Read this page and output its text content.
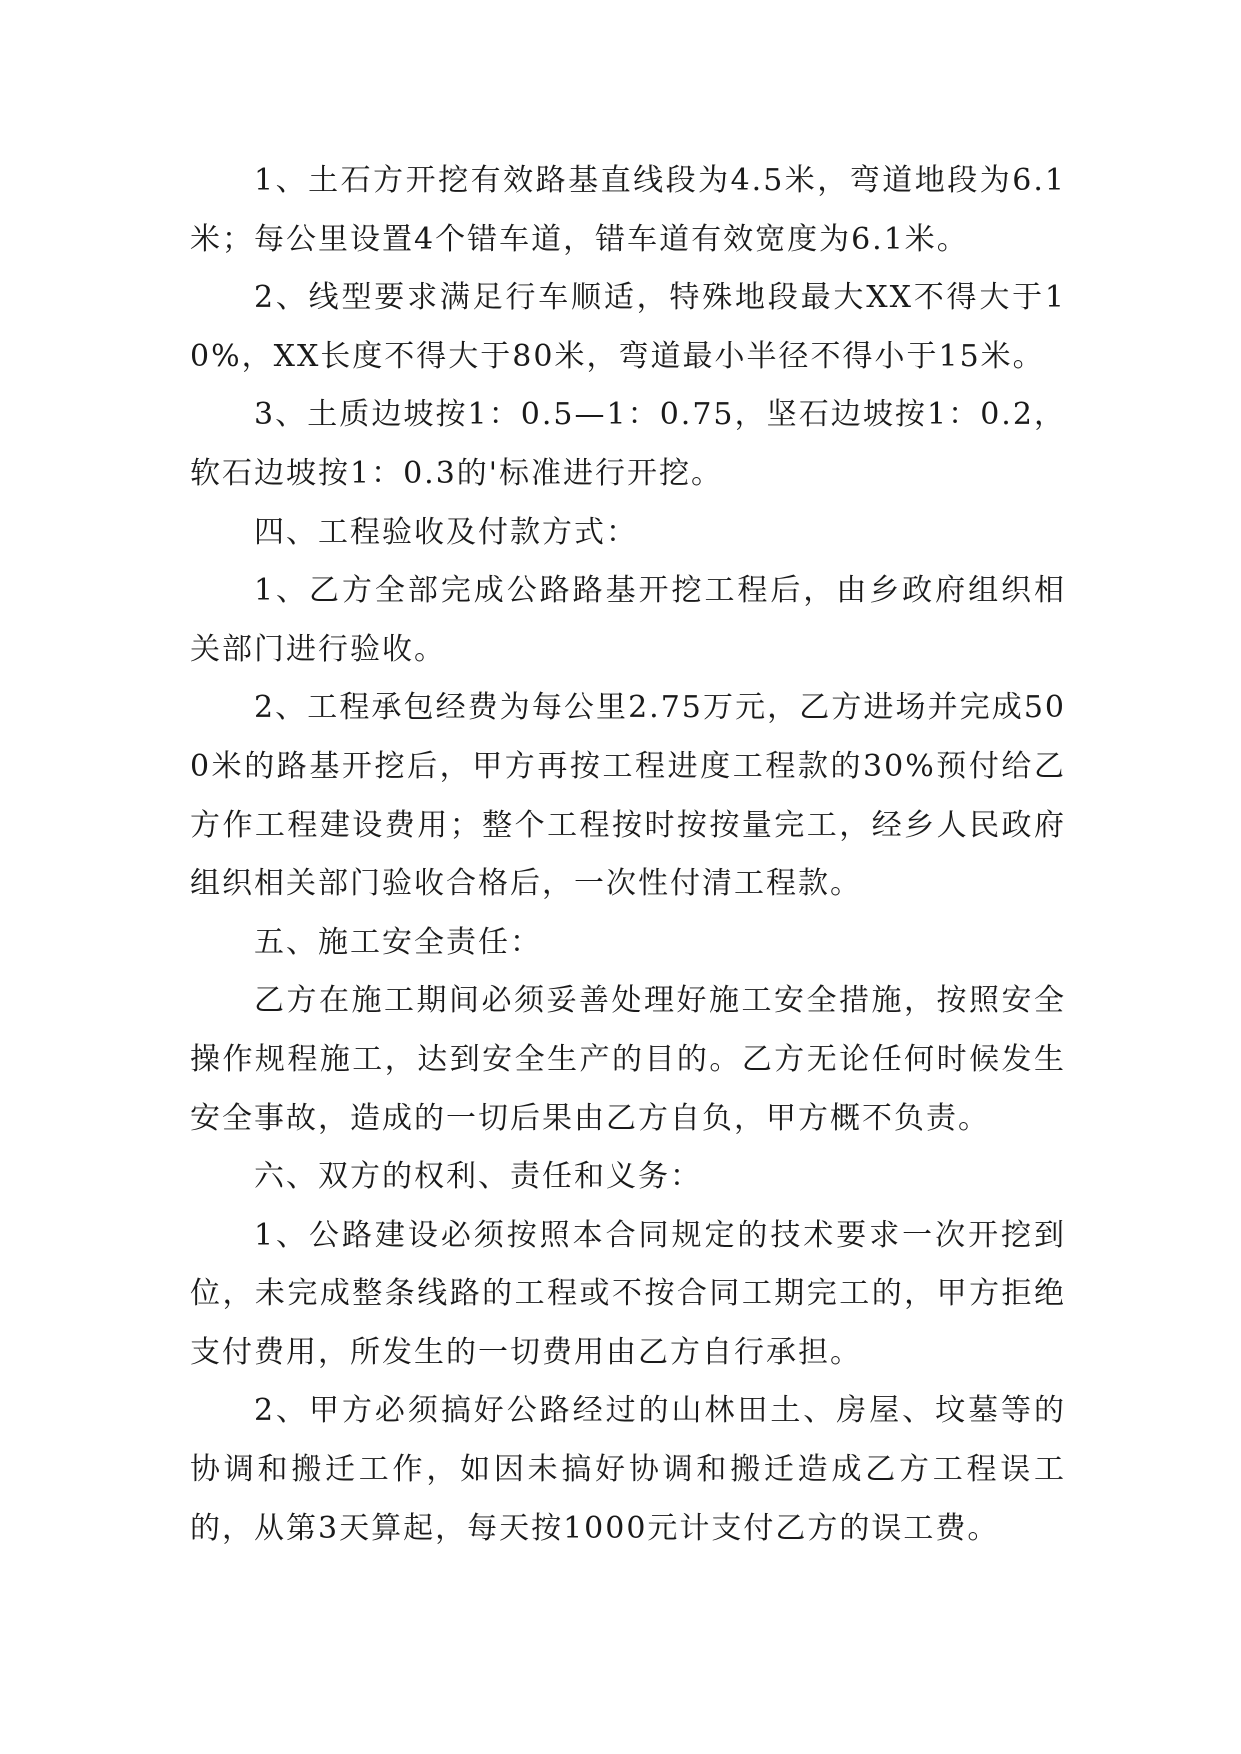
1、土石方开挖有效路基直线段为4.5米，弯道地段为6.1米；每公里设置4个错车道，错车道有效宽度为6.1米。

2、线型要求满足行车顺适，特殊地段最大XX不得大于10%，XX长度不得大于80米，弯道最小半径不得小于15米。

3、土质边坡按1：0.5—1：0.75，坚石边坡按1：0.2，软石边坡按1：0.3的'标准进行开挖。

四、工程验收及付款方式：

1、乙方全部完成公路路基开挖工程后，由乡政府组织相关部门进行验收。

2、工程承包经费为每公里2.75万元，乙方进场并完成500米的路基开挖后，甲方再按工程进度工程款的30%预付给乙方作工程建设费用；整个工程按时按按量完工，经乡人民政府组织相关部门验收合格后，一次性付清工程款。

五、施工安全责任：

乙方在施工期间必须妥善处理好施工安全措施，按照安全操作规程施工，达到安全生产的目的。乙方无论任何时候发生安全事故，造成的一切后果由乙方自负，甲方概不负责。

六、双方的权利、责任和义务：

1、公路建设必须按照本合同规定的技术要求一次开挖到位，未完成整条线路的工程或不按合同工期完工的，甲方拒绝支付费用，所发生的一切费用由乙方自行承担。

2、甲方必须搞好公路经过的山林田土、房屋、坟墓等的协调和搬迁工作，如因未搞好协调和搬迁造成乙方工程误工的，从第3天算起，每天按1000元计支付乙方的误工费。
